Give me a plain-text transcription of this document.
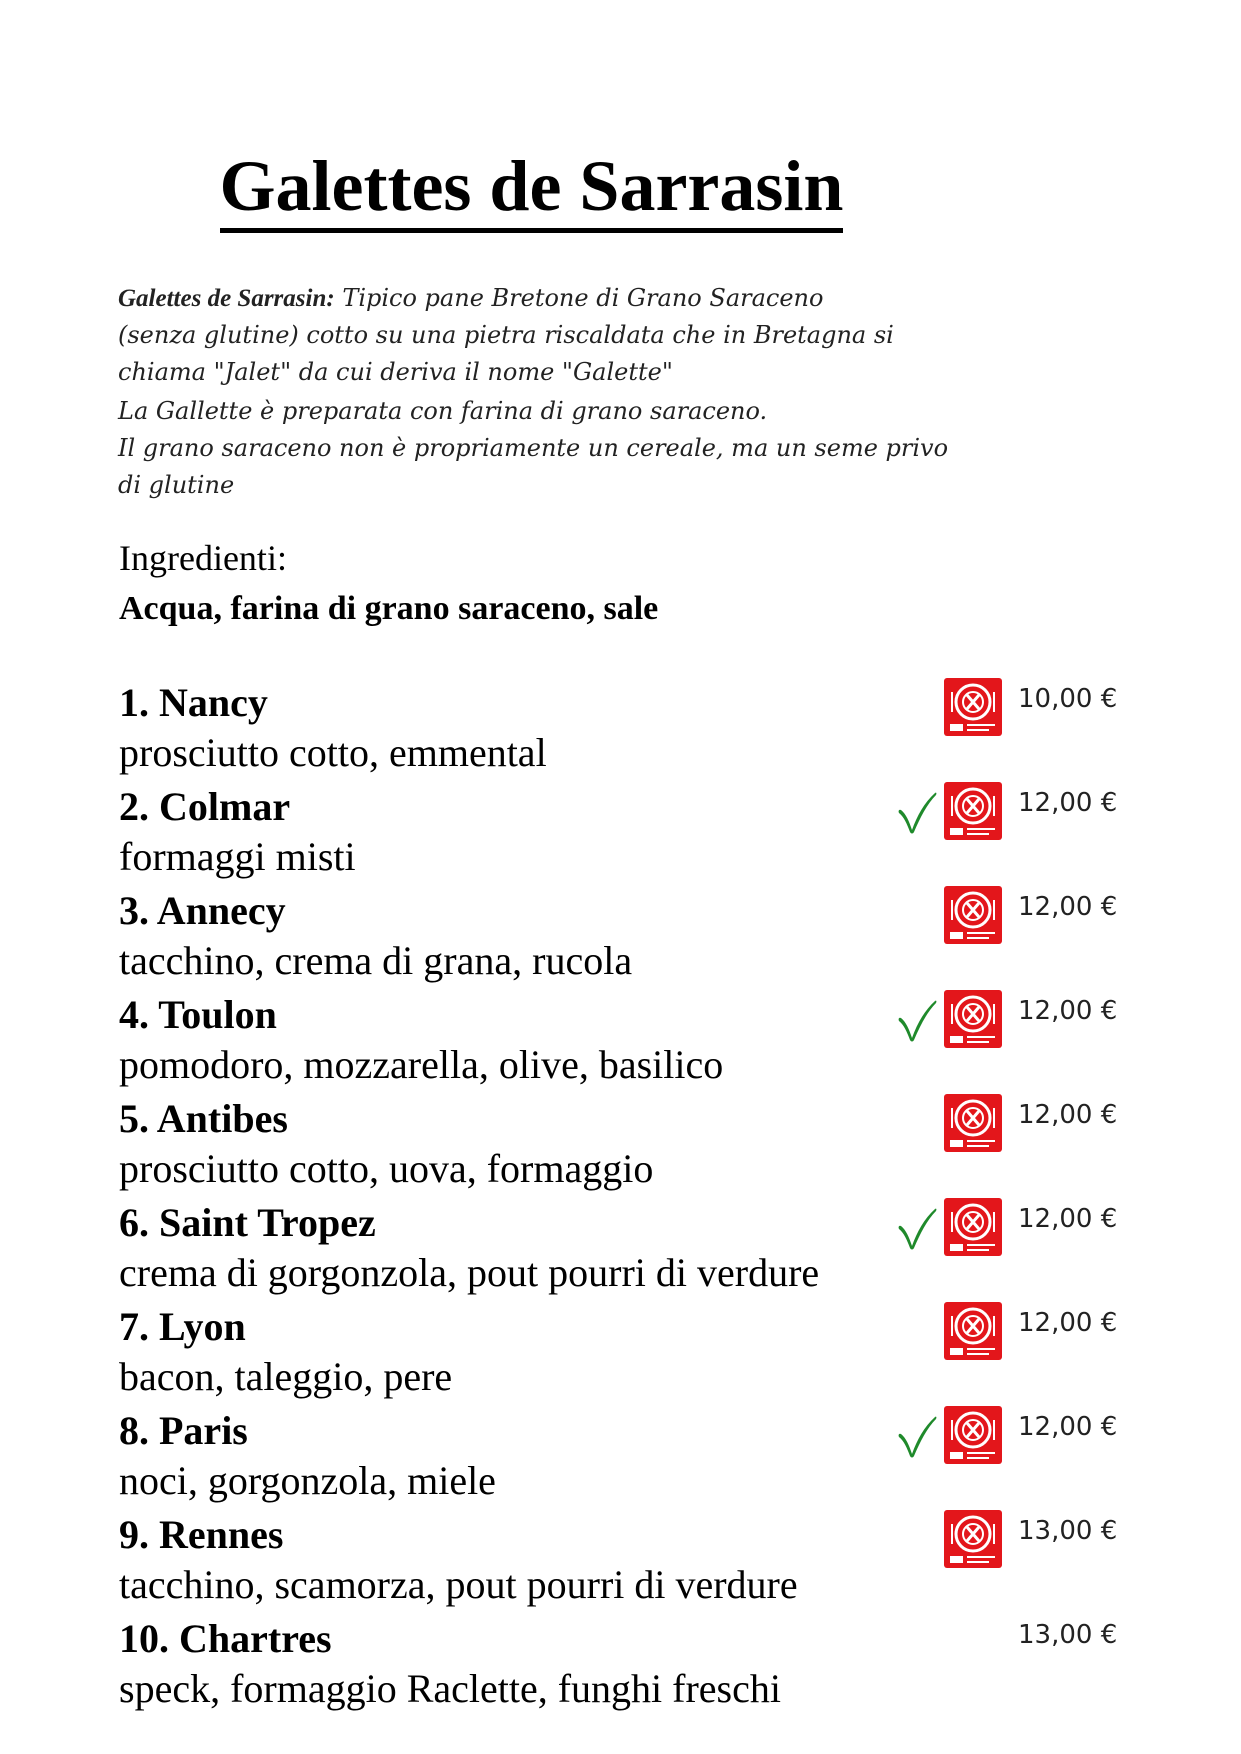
Galettes de Sarrasin
Galettes de Sarrasin: Tipico pane Bretone di Grano Saraceno
(senza glutine) cotto su una pietra riscaldata che in Bretagna si
chiama "Jalet" da cui deriva il nome "Galette"
La Gallette è preparata con farina di grano saraceno.
Il grano saraceno non è propriamente un cereale, ma un seme privo
di glutine
Ingredienti:
Acqua, farina di grano saraceno, sale
1. Nancy
prosciutto cotto, emmental
10,00 €
2. Colmar
formaggi misti
12,00 €
3. Annecy
tacchino, crema di grana, rucola
12,00 €
4. Toulon
pomodoro, mozzarella, olive, basilico
12,00 €
5. Antibes
prosciutto cotto, uova, formaggio
12,00 €
6. Saint Tropez
crema di gorgonzola, pout pourri di verdure
12,00 €
7. Lyon
bacon, taleggio, pere
12,00 €
8. Paris
noci, gorgonzola, miele
12,00 €
9. Rennes
tacchino, scamorza, pout pourri di verdure
13,00 €
10. Chartres
speck, formaggio Raclette, funghi freschi
13,00 €
